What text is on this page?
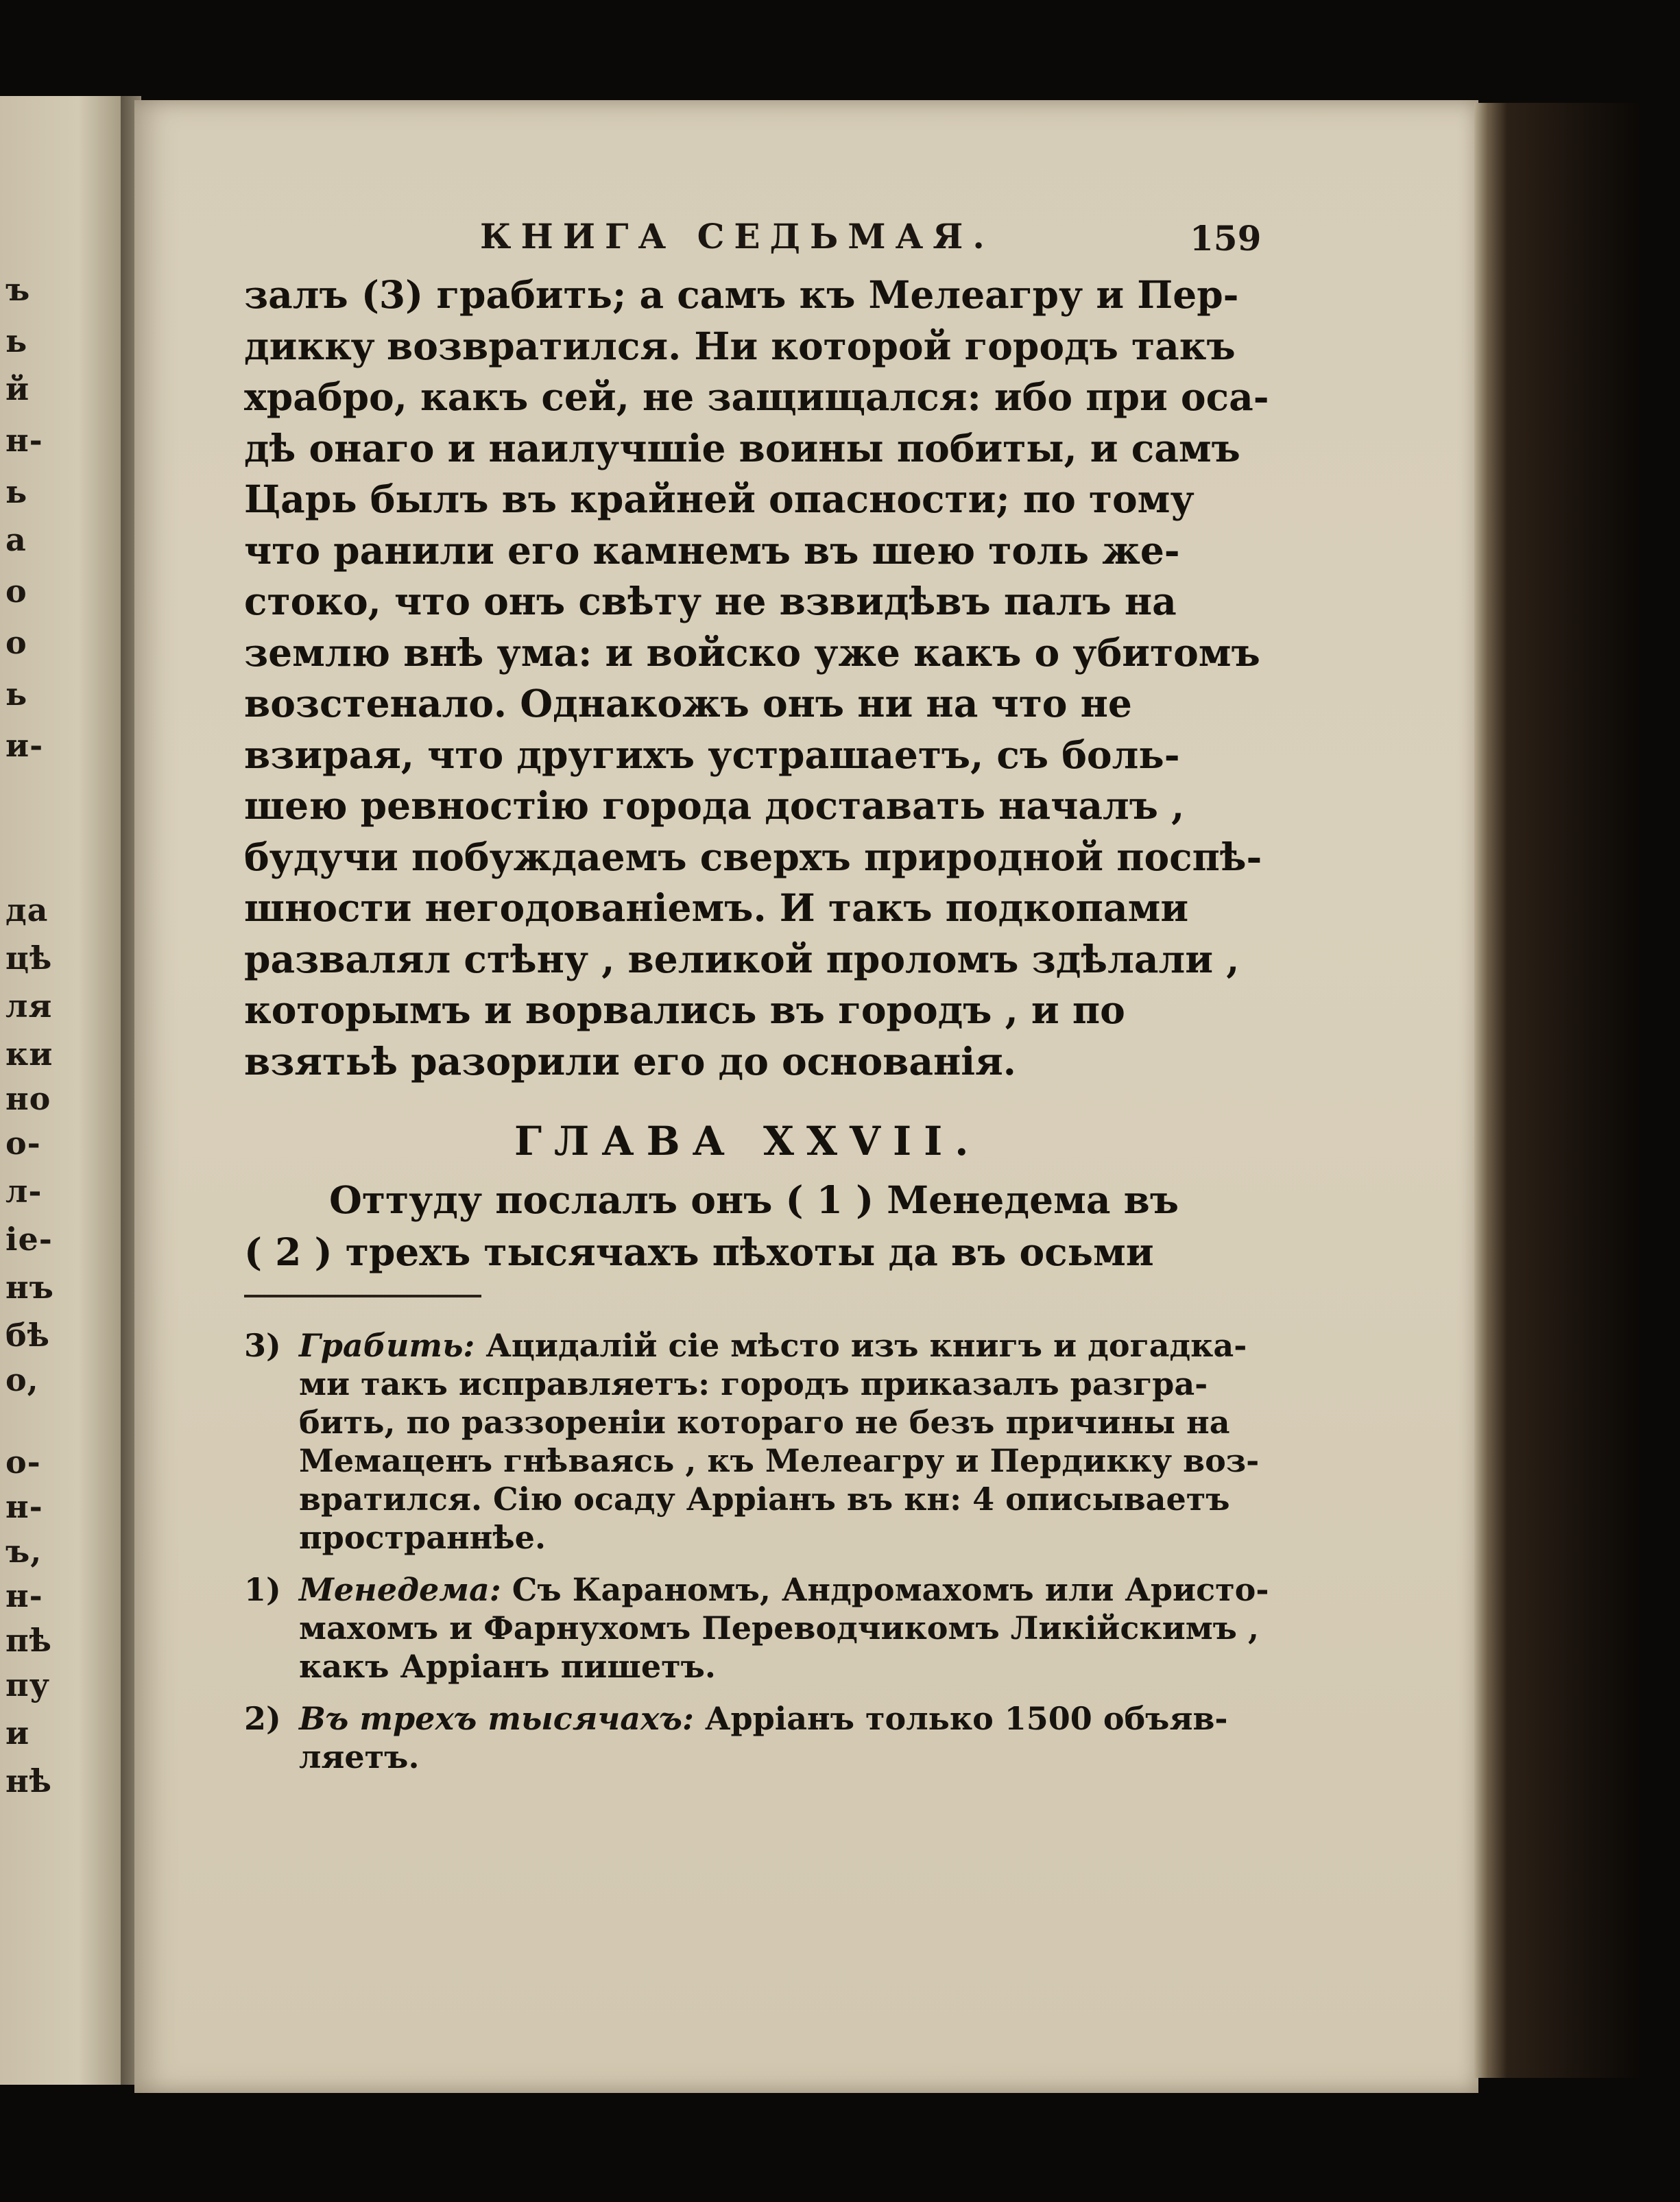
ъ
ь
й
н-
ь
а
о
о
ь
и-
да
цѣ
ля
ки
но
о-
л-
ie-
нъ
бѣ
о,
о-
н-
ъ,
н-
пѣ
пу
и
нѣ
КНИГА СЕДЬМАЯ.	159
залъ (3) грабить; а самъ къ Мелеагру и Пер-
диккy возвратился. Ни которой городъ такъ
храбро, какъ сей, не защищался: ибо при оса-
дѣ онаго и наилучшiе воины побиты, и самъ
Царь былъ въ крайней опасности; по тому
что ранили его камнемъ въ шею толь же-
стоко, что онъ свѣту не взвидѣвъ палъ на
землю внѣ ума: и войско уже какъ о убитомъ
возстенало. Однакожъ онъ ни на что не
взирая, что другихъ устрашаетъ, съ боль-
шею ревностiю города доставать началъ ,
будучи побуждаемъ сверхъ природной поспѣ-
шности негодованiемъ. И такъ подкопами
развалял стѣну , великой проломъ здѣлали ,
которымъ и ворвались въ городъ , и по
взятьѣ разорили его до основанiя.
ГЛАВА XXVII.
Оттуду послалъ онъ ( 1 ) Менедема въ
( 2 ) трехъ тысячахъ пѣхоты да въ осьми
3) Грабить: Ацидалiй сiе мѣсто изъ книгъ и догадка-
ми такъ исправляетъ: городъ приказалъ разгра-
бить, по раззоренiи котораго не безъ причины на
Мемаценъ гнѣваясь , къ Мелеагру и Пердикку воз-
вратился. Сiю осаду Аррiанъ въ кн: 4 описываетъ
пространнѣе.
1) Менедема: Съ Караномъ, Андромахомъ или Аристо-
махомъ и Фарнухомъ Переводчикомъ Ликiйскимъ ,
какъ Аррiанъ пишетъ.
2) Въ трехъ тысячахъ: Аррiанъ только 1500 объяв-
ляетъ.
